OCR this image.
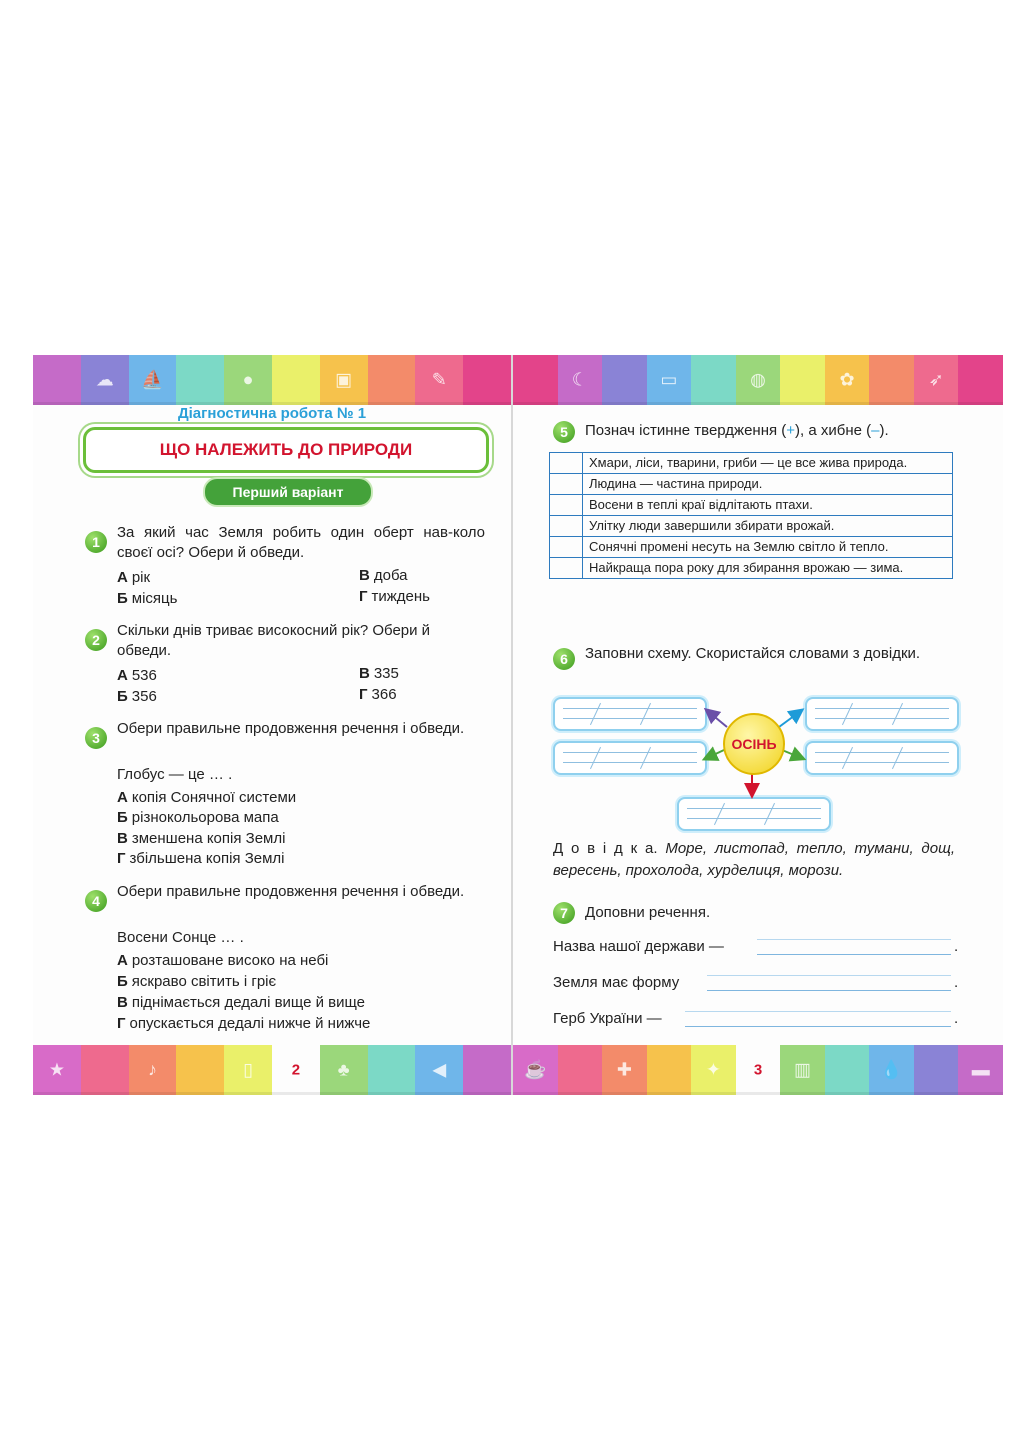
☁ ⛵	●	▣	✎
Діагностична робота № 1
ЩО НАЛЕЖИТЬ ДО ПРИРОДИ
Перший варіант
1
За який час Земля робить один оберт нав-коло своєї осі? Обери й обведи.
А рік	В доба
Б місяць	Г тиждень
2
Скільки днів триває високосний рік? Обери й обведи.
А 536	В 335
Б 356	Г 366
3
Обери правильне продовження речення і обведи.
Глобус — це … .
А копія Сонячної системи
Б різнокольорова мапа
В зменшена копія Землі
Г збільшена копія Землі
4
Обери правильне продовження речення і обведи.
Восени Сонце … .
А розташоване високо на небі
Б яскраво світить і гріє
В піднімається дедалі вище й вище
Г опускається дедалі нижче й нижче
★	♪	▯	2 ♣	◀
☾	▭	◍	✿	➶
5	Познач істинне твердження (+), а хибне (–).
	Хмари, ліси, тварини, гриби — це все жива природа.
	Людина — частина природи.
	Восени в теплі краї відлітають птахи.
	Улітку люди завершили збирати врожай.
	Сонячні промені несуть на Землю світло й тепло.
	Найкраща пора року для збирання врожаю — зима.
6	Заповни схему. Скористайся словами з довідки.
ОСІНЬ
Д о в і д к а. Море, листопад, тепло, тумани, дощ, вересень, прохолода, хурделиця, морози.
7	Доповни речення.
Назва нашої держави —	.
Земля має форму	.
Герб України —	.
☕	✚	✦ 3 ▥	💧	▬
